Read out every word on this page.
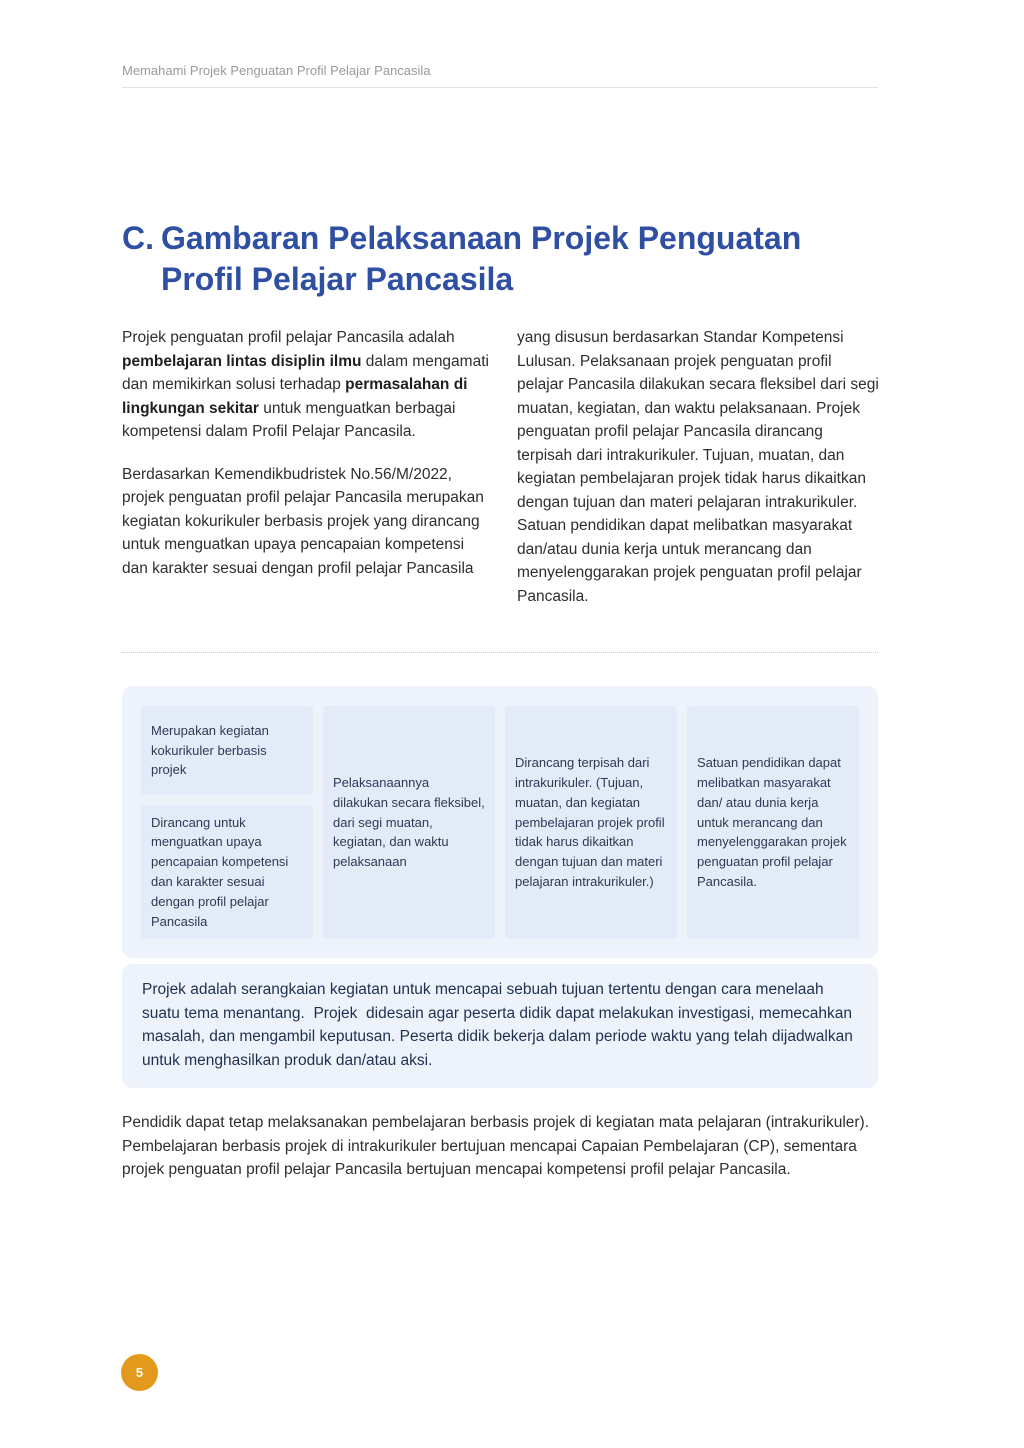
Memahami Projek Penguatan Profil Pelajar Pancasila
C. Gambaran Pelaksanaan Projek Penguatan Profil Pelajar Pancasila

Projek penguatan profil pelajar Pancasila adalah pembelajaran lintas disiplin ilmu dalam mengamati dan memikirkan solusi terhadap permasalahan di lingkungan sekitar untuk menguatkan berbagai kompetensi dalam Profil Pelajar Pancasila.

Berdasarkan Kemendikbudristek No.56/M/2022, projek penguatan profil pelajar Pancasila merupakan kegiatan kokurikuler berbasis projek yang dirancang untuk menguatkan upaya pencapaian kompetensi dan karakter sesuai dengan profil pelajar Pancasila

yang disusun berdasarkan Standar Kompetensi Lulusan. Pelaksanaan projek penguatan profil pelajar Pancasila dilakukan secara fleksibel dari segi muatan, kegiatan, dan waktu pelaksanaan. Projek penguatan profil pelajar Pancasila dirancang terpisah dari intrakurikuler. Tujuan, muatan, dan kegiatan pembelajaran projek tidak harus dikaitkan dengan tujuan dan materi pelajaran intrakurikuler. Satuan pendidikan dapat melibatkan masyarakat dan/atau dunia kerja untuk merancang dan menyelenggarakan projek penguatan profil pelajar Pancasila.

Merupakan kegiatan kokurikuler berbasis projek
Dirancang untuk menguatkan upaya pencapaian kompetensi dan karakter sesuai dengan profil pelajar Pancasila
Pelaksanaannya dilakukan secara fleksibel, dari segi muatan, kegiatan, dan waktu pelaksanaan
Dirancang terpisah dari intrakurikuler. (Tujuan, muatan, dan kegiatan pembelajaran projek profil tidak harus dikaitkan dengan tujuan dan materi pelajaran intrakurikuler.)
Satuan pendidikan dapat melibatkan masyarakat dan/ atau dunia kerja untuk merancang dan menyelenggarakan projek penguatan profil pelajar Pancasila.
Projek adalah serangkaian kegiatan untuk mencapai sebuah tujuan tertentu dengan cara menelaah suatu tema menantang.  Projek  didesain agar peserta didik dapat melakukan investigasi, memecahkan masalah, dan mengambil keputusan. Peserta didik bekerja dalam periode waktu yang telah dijadwalkan untuk menghasilkan produk dan/atau aksi.

Pendidik dapat tetap melaksanakan pembelajaran berbasis projek di kegiatan mata pelajaran (intrakurikuler). Pembelajaran berbasis projek di intrakurikuler bertujuan mencapai Capaian Pembelajaran (CP), sementara projek penguatan profil pelajar Pancasila bertujuan mencapai kompetensi profil pelajar Pancasila.

5
